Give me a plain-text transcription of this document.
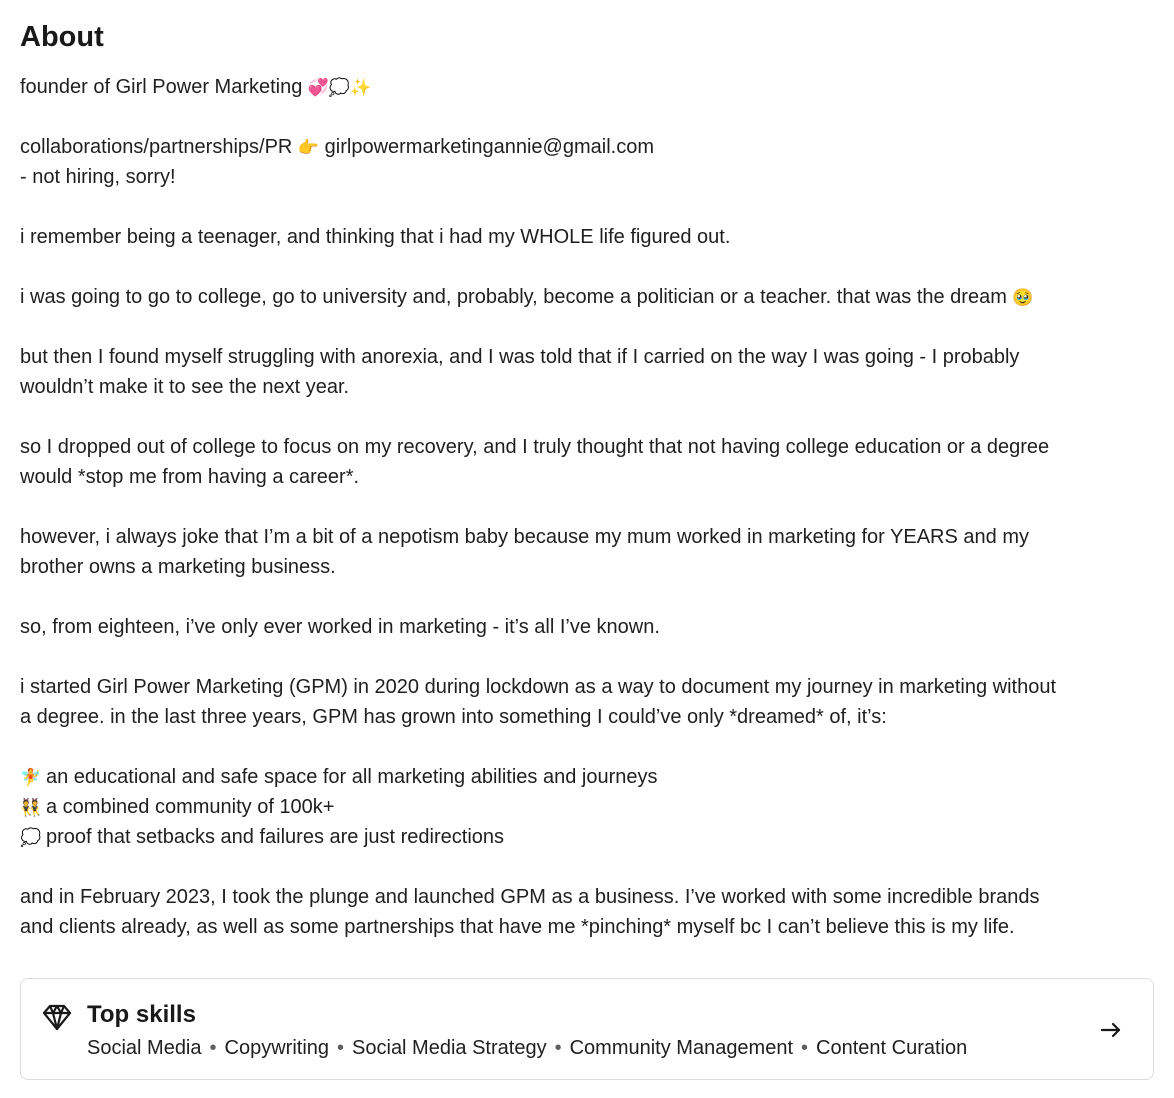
About
founder of Girl Power Marketing 💞💭✨
collaborations/partnerships/PR 👉 girlpowermarketingannie@gmail.com
- not hiring, sorry!
i remember being a teenager, and thinking that i had my WHOLE life figured out.
i was going to go to college, go to university and, probably, become a politician or a teacher. that was the dream 🥹
but then I found myself struggling with anorexia, and I was told that if I carried on the way I was going - I probably
wouldn’t make it to see the next year.
so I dropped out of college to focus on my recovery, and I truly thought that not having college education or a degree
would *stop me from having a career*.
however, i always joke that I’m a bit of a nepotism baby because my mum worked in marketing for YEARS and my
brother owns a marketing business.
so, from eighteen, i’ve only ever worked in marketing - it’s all I’ve known.
i started Girl Power Marketing (GPM) in 2020 during lockdown as a way to document my journey in marketing without
a degree. in the last three years, GPM has grown into something I could’ve only *dreamed* of, it’s:
🧚 an educational and safe space for all marketing abilities and journeys
👯 a combined community of 100k+
💭 proof that setbacks and failures are just redirections
and in February 2023, I took the plunge and launched GPM as a business. I’ve worked with some incredible brands
and clients already, as well as some partnerships that have me *pinching* myself bc I can’t believe this is my life.
Top skills
Social Media • Copywriting • Social Media Strategy • Community Management • Content Curation
